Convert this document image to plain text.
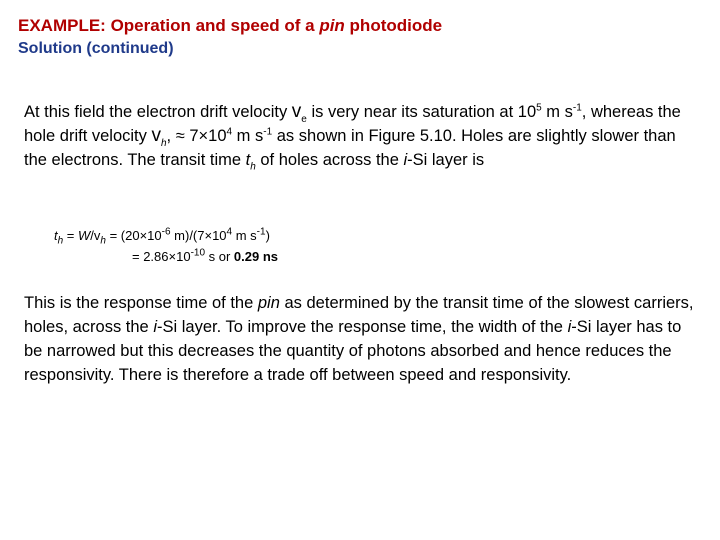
EXAMPLE: Operation and speed of a pin photodiode
Solution (continued)
At this field the electron drift velocity $v_e$ is very near its saturation at $10^5$ m $s^{-1}$, whereas the hole drift velocity $v_h$, ≈ $7\times 10^4$ m $s^{-1}$ as shown in Figure 5.10. Holes are slightly slower than the electrons. The transit time $t_h$ of holes across the i-Si layer is
$t_h = W/v_h = (20\times 10^{-6}$ $m)/(7\times 10^4$ m $s^{-1}$)
= $2.86\times 10^{-10}$ s or 0.29 ns
This is the response time of the pin as determined by the transit time of the slowest carriers, holes, across the i-Si layer. To improve the response time, the width of the i-Si layer has to be narrowed but this decreases the quantity of photons absorbed and hence reduces the responsivity. There is therefore a trade off between speed and responsivity.
